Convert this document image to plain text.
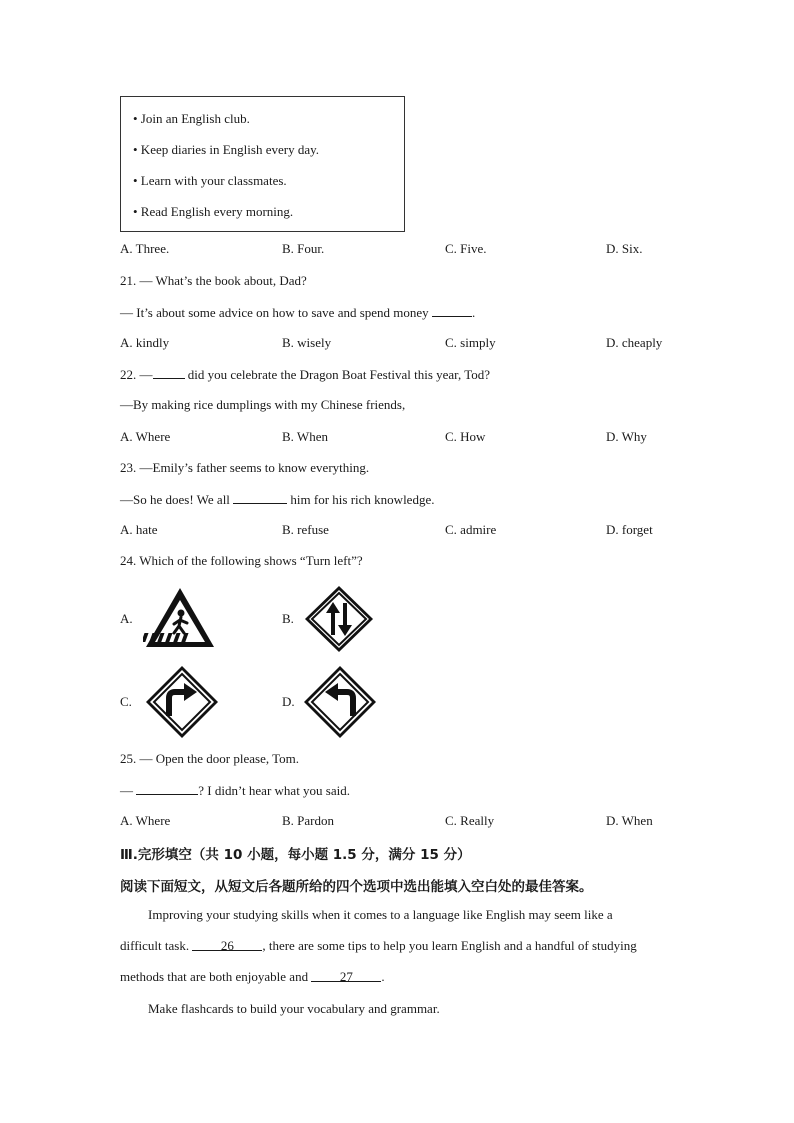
• Join an English club.
• Keep diaries in English every day.
• Learn with your classmates.
• Read English every morning.
A. Three.	B. Four.	C. Five.	D. Six.
21. — What’s the book about, Dad?
— It’s about some advice on how to save and spend money	.
A. kindly	B. wisely	C. simply	D. cheaply
22. —	did you celebrate the Dragon Boat Festival this year, Tod?
—By making rice dumplings with my Chinese friends,
A. Where	B. When	C. How	D. Why
23. —Emily’s father seems to know everything.
—So he does! We all	him for his rich knowledge.
A. hate	B. refuse	C. admire	D. forget
24. Which of the following shows “Turn left”?
A.	B.
C.	D.
25. — Open the door please, Tom.
—	? I didn’t hear what you said.
A. Where	B. Pardon	C. Really	D. When
Ⅲ.完形填空（共 10 小题，每小题 1.5 分，满分 15 分）
阅读下面短文，从短文后各题所给的四个选项中选出能填入空白处的最佳答案。
Improving your studying skills when it comes to a language like English may seem like a
difficult task. 26 , there are some tips to help you learn English and a handful of studying
methods that are both enjoyable and 27 .
Make flashcards to build your vocabulary and grammar.
